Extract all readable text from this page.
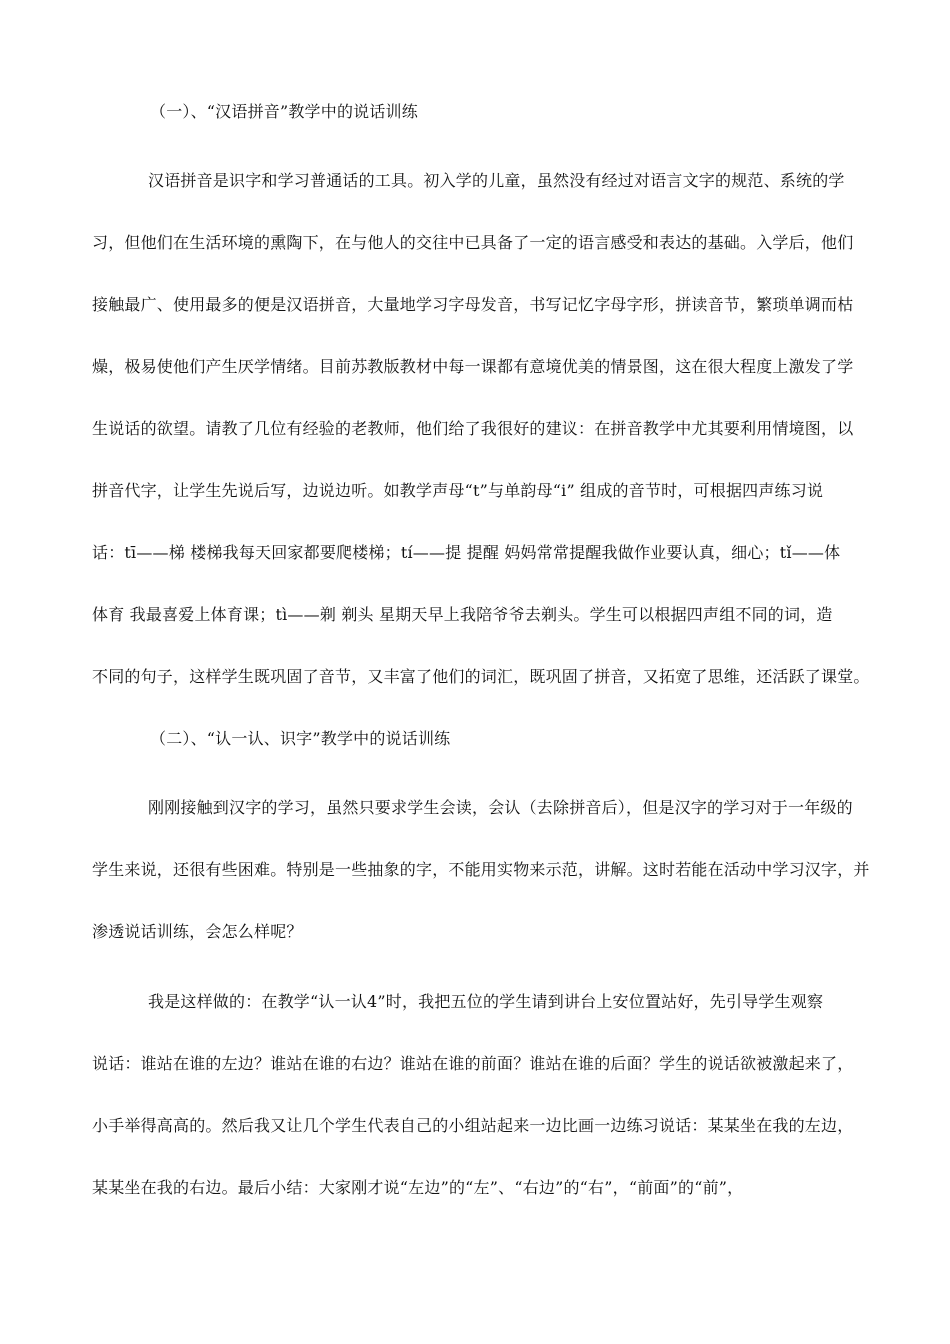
（一）、“汉语拼音”教学中的说话训练
汉语拼音是识字和学习普通话的工具。初入学的儿童，虽然没有经过对语言文字的规范、系统的学
习，但他们在生活环境的熏陶下，在与他人的交往中已具备了一定的语言感受和表达的基础。入学后，他们
接触最广、使用最多的便是汉语拼音，大量地学习字母发音，书写记忆字母字形，拼读音节，繁琐单调而枯
燥，极易使他们产生厌学情绪。目前苏教版教材中每一课都有意境优美的情景图，这在很大程度上激发了学
生说话的欲望。请教了几位有经验的老教师，他们给了我很好的建议：在拼音教学中尤其要利用情境图，以
拼音代字，让学生先说后写，边说边听。如教学声母“t”与单韵母“i” 组成的音节时，可根据四声练习说
话：tī——梯 楼梯我每天回家都要爬楼梯；tí——提 提醒 妈妈常常提醒我做作业要认真，细心；tǐ——体
体育 我最喜爱上体育课；tì——剃 剃头 星期天早上我陪爷爷去剃头。学生可以根据四声组不同的词，造
不同的句子，这样学生既巩固了音节，又丰富了他们的词汇，既巩固了拼音，又拓宽了思维，还活跃了课堂。
（二）、“认一认、识字”教学中的说话训练
刚刚接触到汉字的学习，虽然只要求学生会读，会认（去除拼音后），但是汉字的学习对于一年级的
学生来说，还很有些困难。特别是一些抽象的字，不能用实物来示范，讲解。这时若能在活动中学习汉字，并
渗透说话训练，会怎么样呢？
我是这样做的：在教学“认一认4”时，我把五位的学生请到讲台上安位置站好，先引导学生观察
说话：谁站在谁的左边？谁站在谁的右边？谁站在谁的前面？谁站在谁的后面？学生的说话欲被激起来了，
小手举得高高的。然后我又让几个学生代表自己的小组站起来一边比画一边练习说话：某某坐在我的左边，
某某坐在我的右边。最后小结：大家刚才说“左边”的“左”、“右边”的“右”，“前面”的“前”，
